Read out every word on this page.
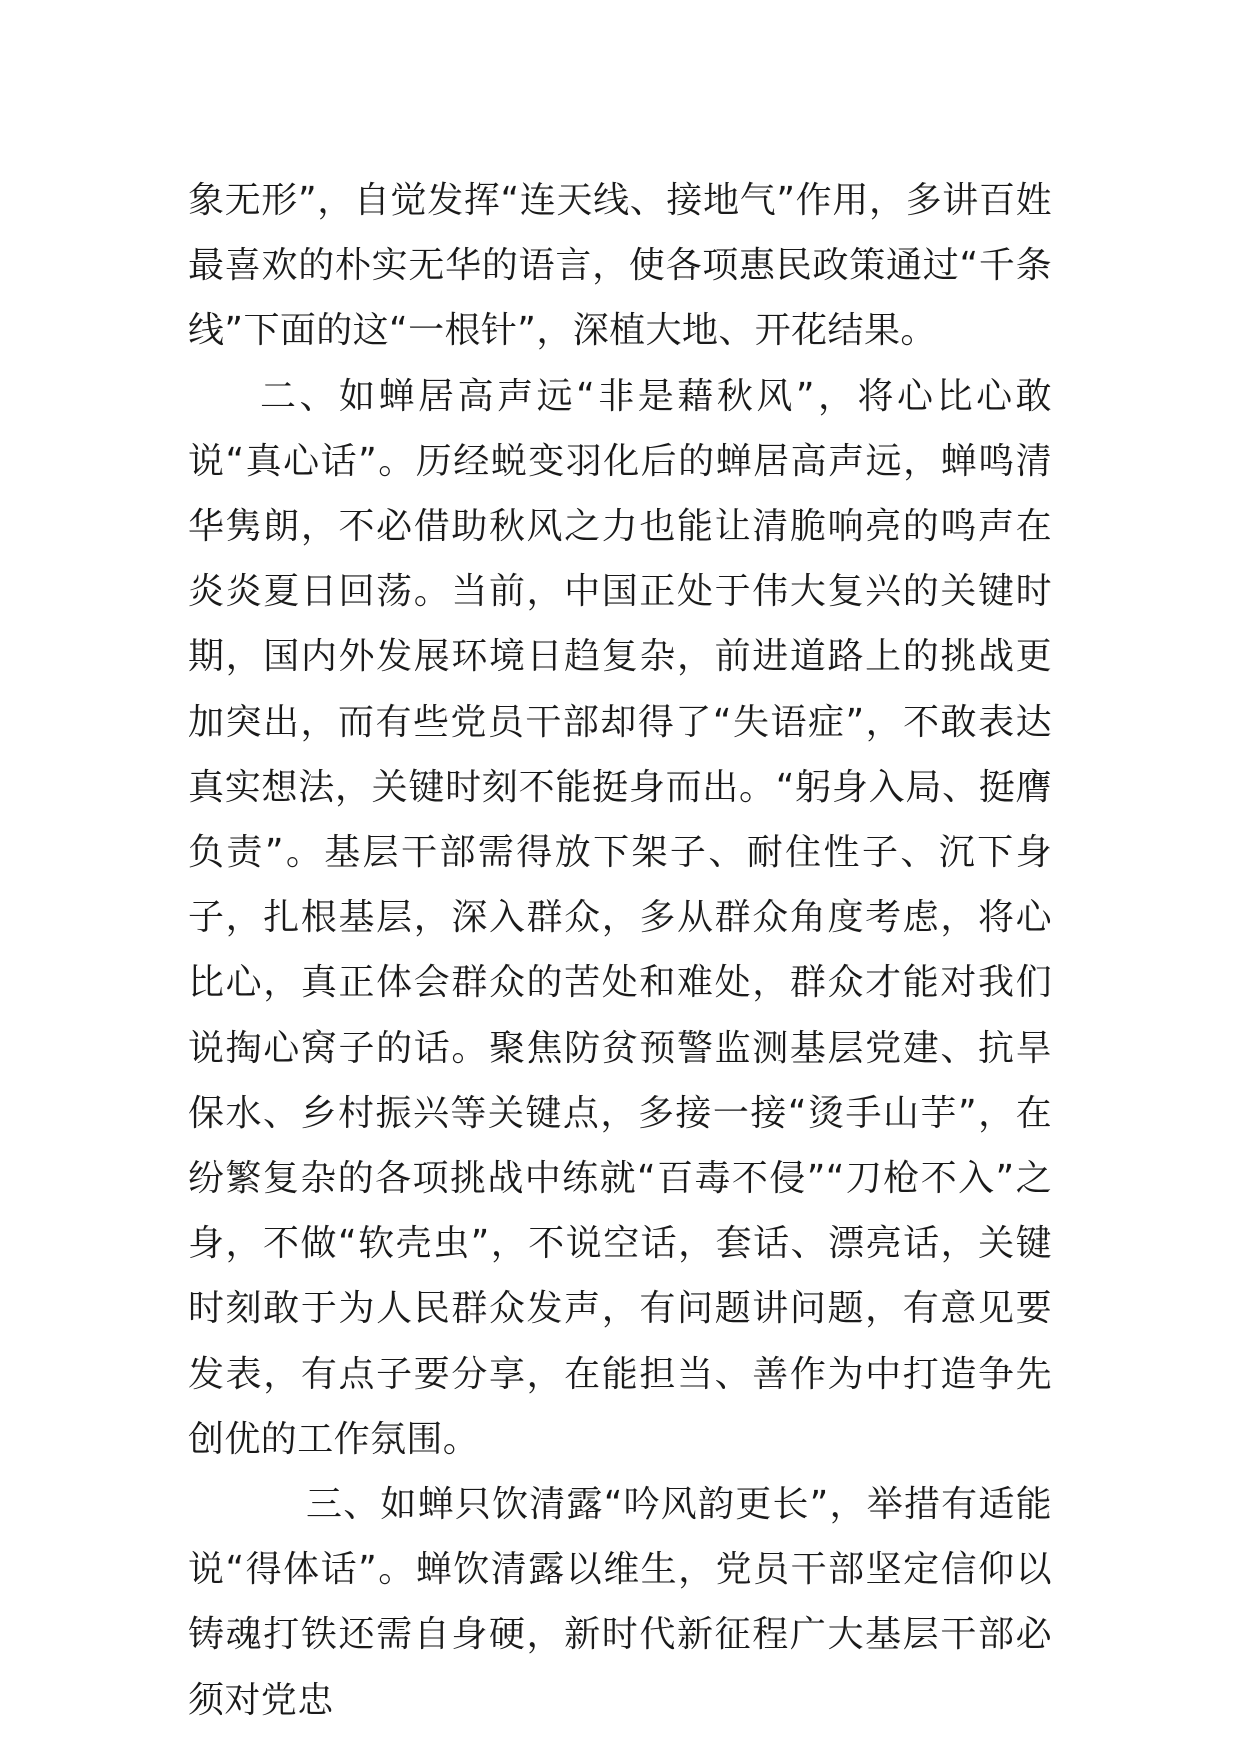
象无形”，自觉发挥“连天线、接地气”作用，多讲百姓最喜欢的朴实无华的语言，使各项惠民政策通过“千条线”下面的这“一根针”，深植大地、开花结果。

二、如蝉居高声远“非是藉秋风”，将心比心敢说“真心话”。历经蜕变羽化后的蝉居高声远，蝉鸣清华隽朗，不必借助秋风之力也能让清脆响亮的鸣声在炎炎夏日回荡。当前，中国正处于伟大复兴的关键时期，国内外发展环境日趋复杂，前进道路上的挑战更加突出，而有些党员干部却得了“失语症”，不敢表达真实想法，关键时刻不能挺身而出。“躬身入局、挺膺负责”。基层干部需得放下架子、耐住性子、沉下身子，扎根基层，深入群众，多从群众角度考虑，将心比心，真正体会群众的苦处和难处，群众才能对我们说掏心窝子的话。聚焦防贫预警监测基层党建、抗旱保水、乡村振兴等关键点，多接一接“烫手山芋”，在纷繁复杂的各项挑战中练就“百毒不侵”“刀枪不入”之身，不做“软壳虫”，不说空话，套话、漂亮话，关键时刻敢于为人民群众发声，有问题讲问题，有意见要发表，有点子要分享，在能担当、善作为中打造争先创优的工作氛围。

三、如蝉只饮清露“吟风韵更长”，举措有适能说“得体话”。蝉饮清露以维生，党员干部坚定信仰以铸魂打铁还需自身硬，新时代新征程广大基层干部必须对党忠
